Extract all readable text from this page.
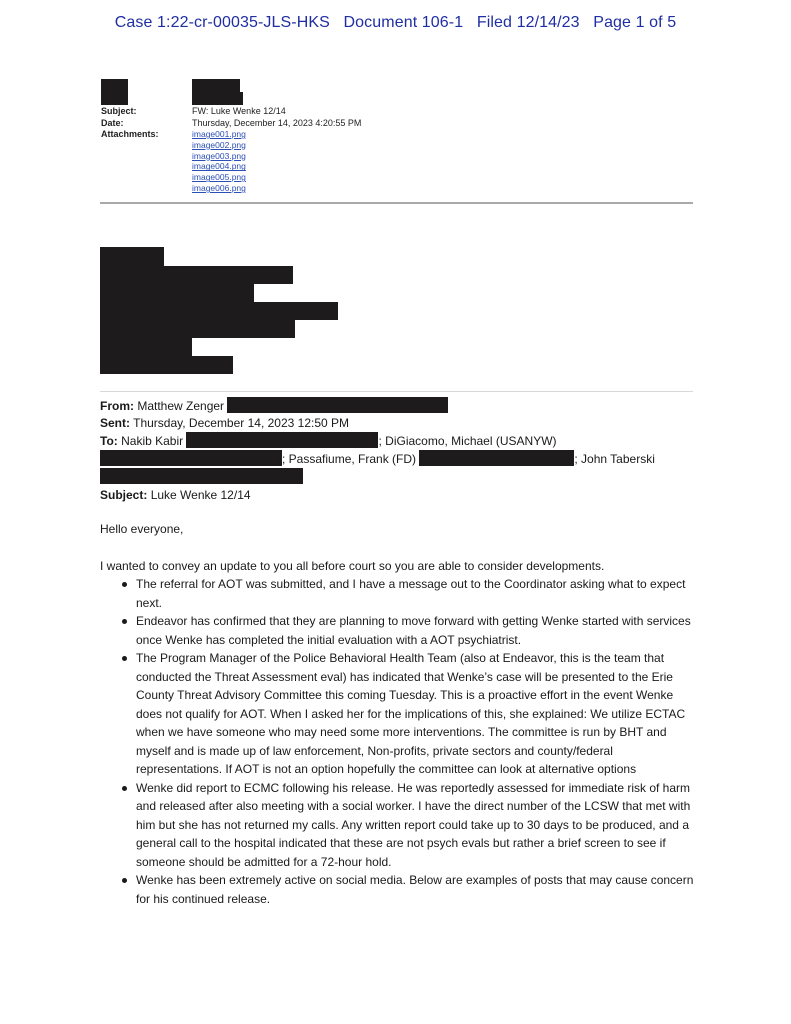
Case 1:22-cr-00035-JLS-HKS   Document 106-1   Filed 12/14/23   Page 1 of 5
Subject:	FW: Luke Wenke 12/14
Date:	Thursday, December 14, 2023 4:20:55 PM
Attachments:	image001.png
image002.png
image003.png
image004.png
image005.png
image006.png
From: Matthew Zenger
Sent: Thursday, December 14, 2023 12:50 PM
To: Nakib Kabir	; DiGiacomo, Michael (USANYW)
; Passafiume, Frank (FD)	; John Taberski
Subject: Luke Wenke 12/14
Hello everyone,
I wanted to convey an update to you all before court so you are able to consider developments.
The referral for AOT was submitted, and I have a message out to the Coordinator asking what to expect next.
Endeavor has confirmed that they are planning to move forward with getting Wenke started with services once Wenke has completed the initial evaluation with a AOT psychiatrist.
The Program Manager of the Police Behavioral Health Team (also at Endeavor, this is the team that conducted the Threat Assessment eval) has indicated that Wenke’s case will be presented to the Erie County Threat Advisory Committee this coming Tuesday. This is a proactive effort in the event Wenke does not qualify for AOT. When I asked her for the implications of this, she explained: We utilize ECTAC when we have someone who may need some more interventions. The committee is run by BHT and myself and is made up of law enforcement, Non-profits, private sectors and county/federal representations. If AOT is not an option hopefully the committee can look at alternative options
Wenke did report to ECMC following his release. He was reportedly assessed for immediate risk of harm and released after also meeting with a social worker. I have the direct number of the LCSW that met with him but she has not returned my calls. Any written report could take up to 30 days to be produced, and a general call to the hospital indicated that these are not psych evals but rather a brief screen to see if someone should be admitted for a 72-hour hold.
Wenke has been extremely active on social media. Below are examples of posts that may cause concern for his continued release.
